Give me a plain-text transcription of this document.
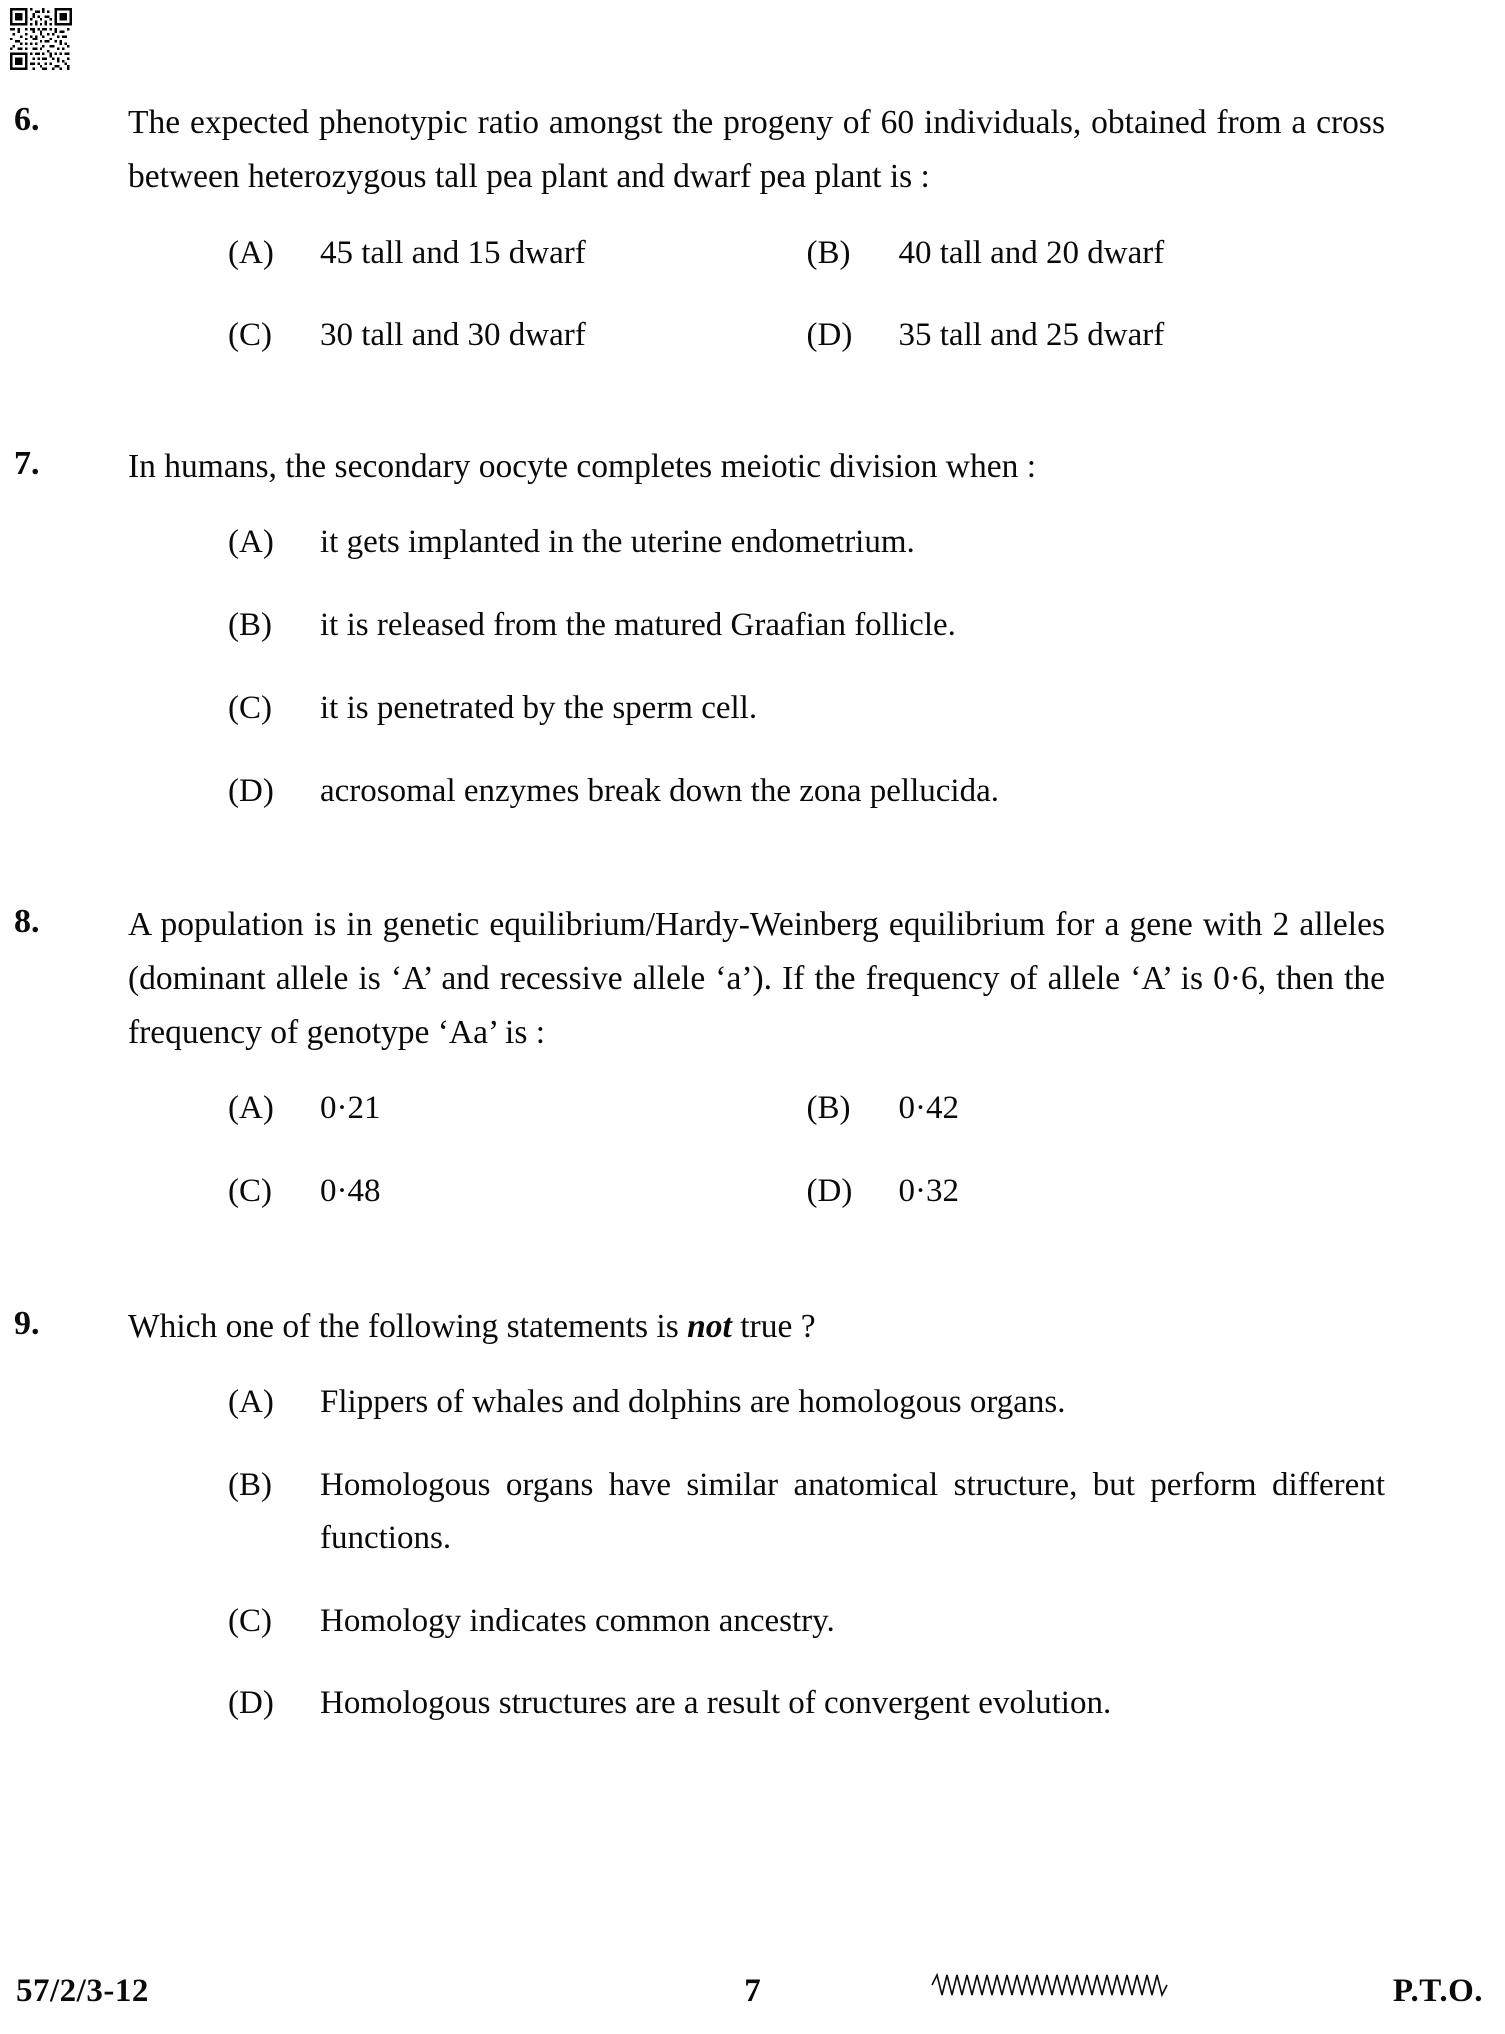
6.	The expected phenotypic ratio amongst the progeny of 60 individuals, obtained from a cross between heterozygous tall pea plant and dwarf pea plant is :

(A)	45 tall and 15 dwarf	(B)	40 tall and 20 dwarf
(C)	30 tall and 30 dwarf	(D)	35 tall and 25 dwarf
7.	In humans, the secondary oocyte completes meiotic division when :

(A)	it gets implanted in the uterine endometrium.
(B)	it is released from the matured Graafian follicle.
(C)	it is penetrated by the sperm cell.
(D)	acrosomal enzymes break down the zona pellucida.
8.	A population is in genetic equilibrium/Hardy-Weinberg equilibrium for a gene with 2 alleles (dominant allele is ‘A’ and recessive allele ‘a’). If the frequency of allele ‘A’ is 0·6, then the frequency of genotype ‘Aa’ is :

(A)	0·21	(B)	0·42
(C)	0·48	(D)	0·32
9.	Which one of the following statements is not true ?

(A)	Flippers of whales and dolphins are homologous organs.
(B)	Homologous organs have similar anatomical structure, but perform different functions.
(C)	Homology indicates common ancestry.
(D)	Homologous structures are a result of convergent evolution.
57/2/3-12	7	P.T.O.
